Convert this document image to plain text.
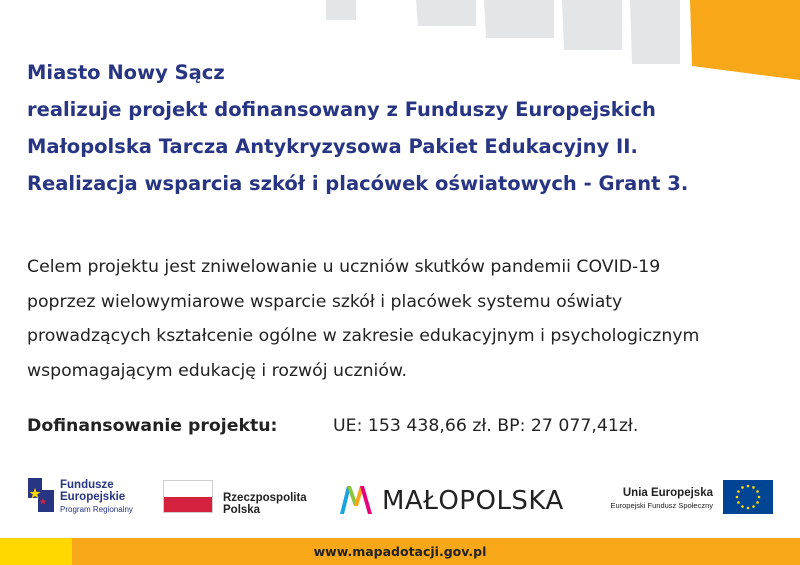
Miasto Nowy Sącz
realizuje projekt dofinansowany z Funduszy Europejskich
Małopolska Tarcza Antykryzysowa Pakiet Edukacyjny II.
Realizacja wsparcia szkół i placówek oświatowych - Grant 3.
Celem projektu jest zniwelowanie u uczniów skutków pandemii COVID-19
poprzez wielowymiarowe wsparcie szkół i placówek systemu oświaty
prowadzących kształcenie ogólne w zakresie edukacyjnym i psychologicznym
wspomagającym edukację i rozwój uczniów.
Dofinansowanie projektu:	UE: 153 438,66 zł. BP: 27 077,41zł.
Fundusze
Europejskie
Program Regionalny
Rzeczpospolita
Polska	MAŁOPOLSKA	Unia Europejska
Europejski Fundusz Społeczny
www.mapadotacji.gov.pl
